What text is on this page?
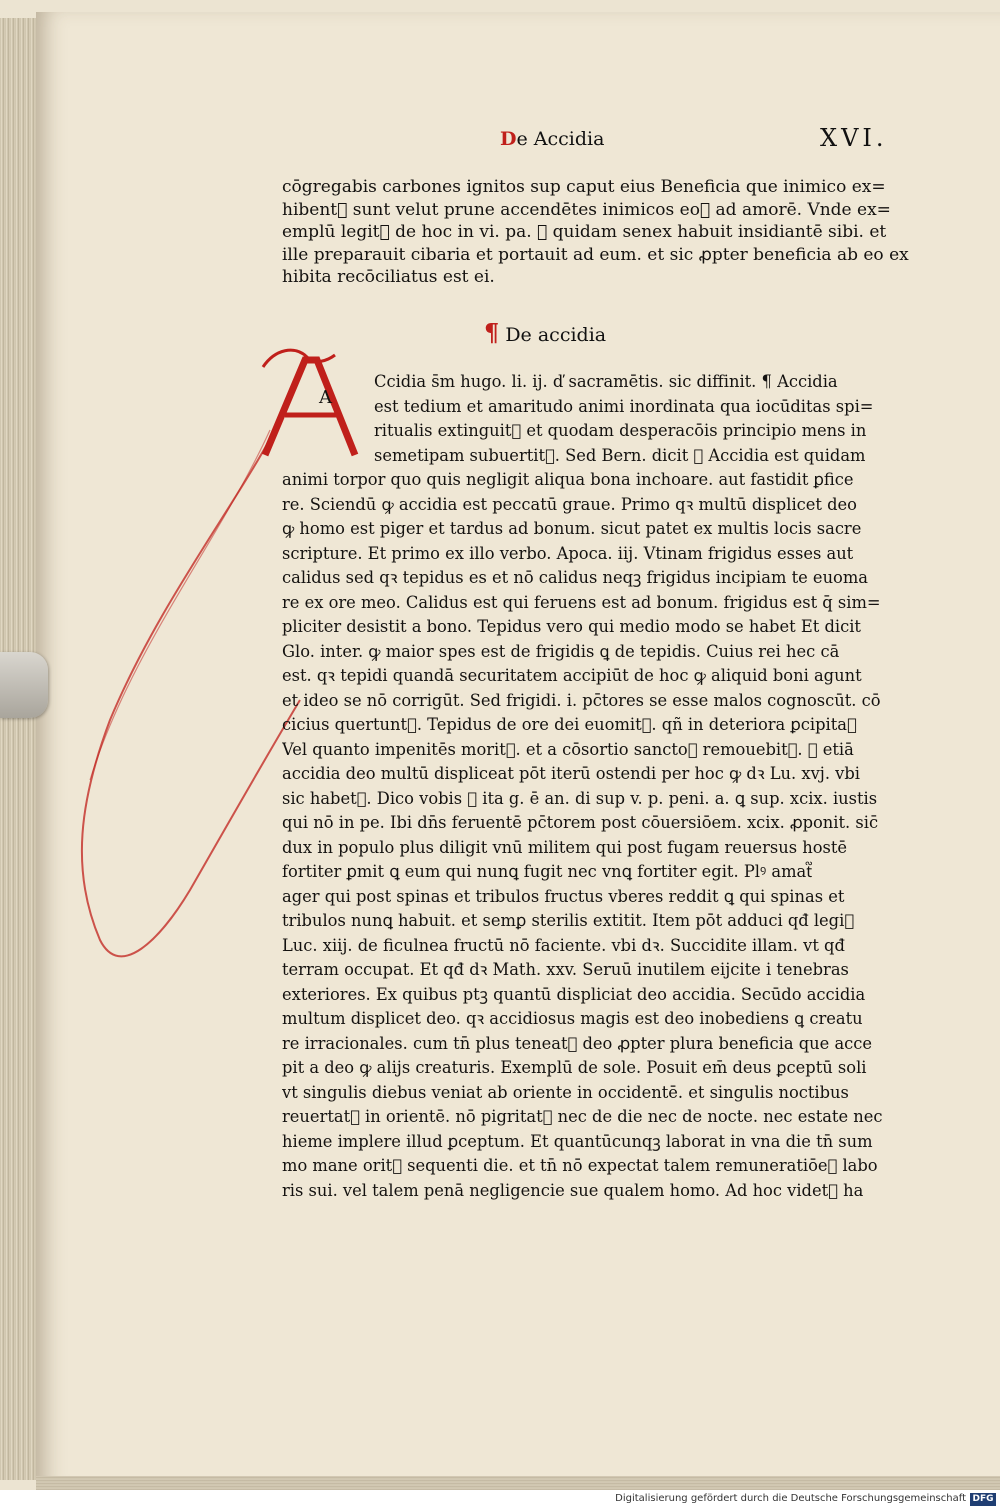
De Accidia	XVI.

cōgregabis carbones ignitos sup caput eius Beneficia que inimico ex=

hibent᷑ sunt velut prune accendētes inimicos eoꝝ ad amorē. Vnde ex=

emplū legit᷑ de hoc in vi. pa. ꝙ quidam senex habuit insidiantē sibi. et

ille preparauit cibaria et portauit ad eum. et sic ꝓpter beneficia ab eo ex

hibita recōciliatus est ei.

¶ De accidia
A

Ccidia s̄m hugo. li. ij. ď sacramētis. sic diffinit. ¶ Accidia

est tedium et amaritudo animi inordinata qua iocūditas spi=

ritualis extinguit᷑ et quodam desperacōis principio mens in

semetipam subuertit᷑. Sed Bern. dicit ꝙ Accidia est quidam

animi torpor quo quis negligit aliqua bona inchoare. aut fastidit ꝑfice

re. Sciendū ꝙ accidia est peccatū graue. Primo qꝛ multū displicet deo

ꝙ homo est piger et tardus ad bonum. sicut patet ex multis locis sacre

scripture. Et primo ex illo verbo. Apoca. iij. Vtinam frigidus esses aut

calidus sed qꝛ tepidus es et nō calidus neqꝫ frigidus incipiam te euoma

re ex ore meo. Calidus est qui feruens est ad bonum. frigidus est q̄ sim=

pliciter desistit a bono. Tepidus vero qui medio modo se habet Et dicit

Glo. inter. ꝙ maior spes est de frigidis ꝗ de tepidis. Cuius rei hec cā

est. qꝛ tepidi quandā securitatem accipiūt de hoc ꝙ aliquid boni agunt

et ideo se nō corrigūt. Sed frigidi. i. pc̄tores se esse malos cognoscūt. cō

cicius quertunt᷑. Tepidus de ore dei euomit᷑. qñ in deteriora ꝑcipita᷑

Vel quanto impenitēs morit᷑. et a cōsortio sanctoꝝ remouebit᷑. ꝙ etiā

accidia deo multū displiceat pōt iterū ostendi per hoc ꝙ dꝛ Lu. xvj. vbi

sic habet᷑. Dico vobis ꝙ ita g. ē an. di sup v. p. peni. a. ꝗ sup. xcix. iustis

qui nō in pe. Ibi dn̄s feruentē pc̄torem post cōuersiōem. xcix. ꝓponit. sic̄

dux in populo plus diligit vnū militem qui post fugam reuersus hostē

fortiter ꝑmit ꝗ eum qui nunꝗ fugit nec vnꝗ fortiter egit. Plꝰ amat᷑

ager qui post spinas et tribulos fructus vberes reddit ꝗ qui spinas et

tribulos nunꝗ habuit. et semꝑ sterilis extitit. Item pōt adduci qđ legi᷑

Luc. xiij. de ficulnea fructū nō faciente. vbi dꝛ. Succidite illam. vt qđ

terram occupat. Et qđ dꝛ Math. xxv. Seruū inutilem eijcite i tenebras

exteriores. Ex quibus ptꝫ quantū displiciat deo accidia. Secūdo accidia

multum displicet deo. qꝛ accidiosus magis est deo inobediens ꝗ creatu

re irracionales. cum tn̄ plus teneat᷑ deo ꝓpter plura beneficia que acce

pit a deo ꝙ alijs creaturis. Exemplū de sole. Posuit em̄ deus ꝑceptū soli

vt singulis diebus veniat ab oriente in occidentē. et singulis noctibus

reuertat᷑ in orientē. nō pigritat᷑ nec de die nec de nocte. nec estate nec

hieme implere illud ꝑceptum. Et quantūcunqꝫ laborat in vna die tn̄ sum

mo mane orit᷑ sequenti die. et tn̄ nō expectat talem remuneratiōeꝫ labo

ris sui. vel talem penā negligencie sue qualem homo. Ad hoc videt᷑ ha

Digitalisierung gefördert durch die Deutsche Forschungsgemeinschaft DFG
